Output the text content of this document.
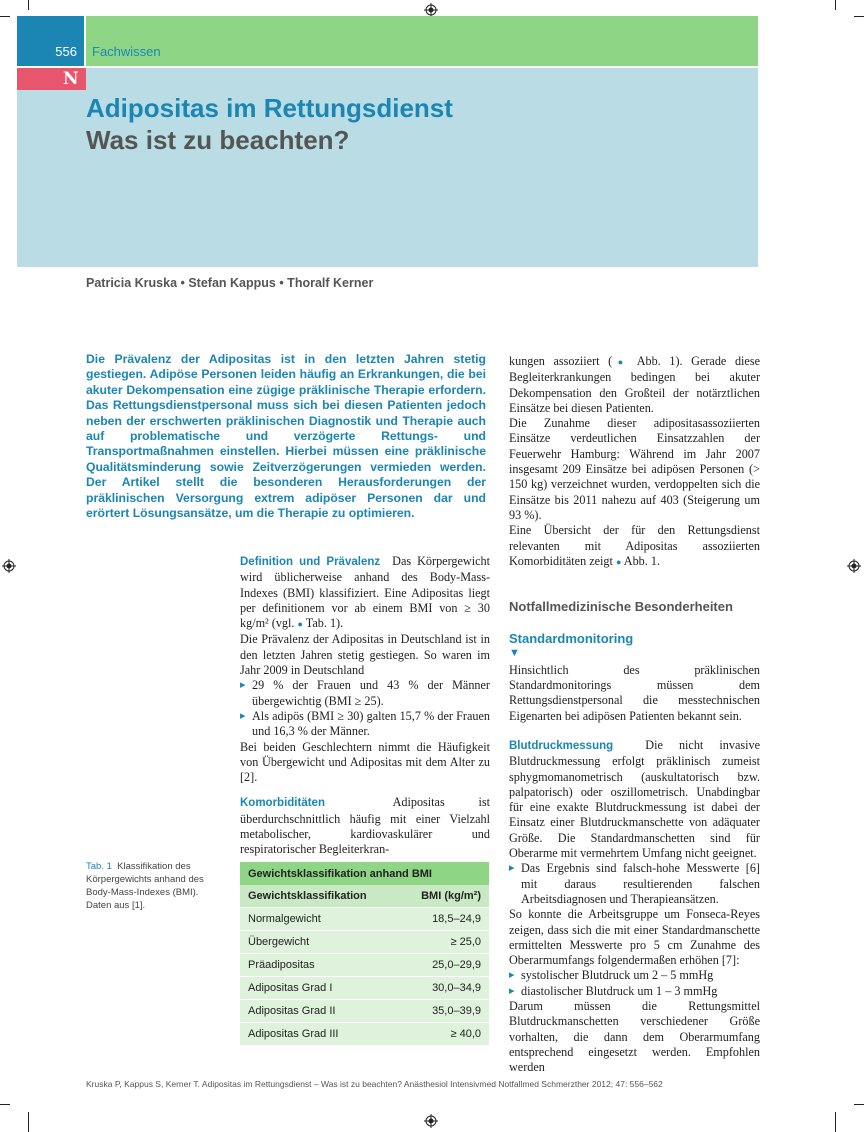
556 Fachwissen
N
Adipositas im Rettungsdienst
Was ist zu beachten?
Patricia Kruska • Stefan Kappus • Thoralf Kerner
Die Prävalenz der Adipositas ist in den letzten Jahren stetig gestiegen. Adipöse Personen leiden häufig an Erkrankungen, die bei akuter Dekompensation eine zügige präklinische Therapie erfordern. Das Rettungsdienstpersonal muss sich bei diesen Patienten jedoch neben der erschwerten präklinischen Diagnostik und Therapie auch auf problematische und verzögerte Rettungs- und Transportmaßnahmen einstellen. Hierbei müssen eine präklinische Qualitätsminderung sowie Zeitverzögerungen vermieden werden. Der Artikel stellt die besonderen Herausforderungen der präklinischen Versorgung extrem adipöser Personen dar und erörtert Lösungsansätze, um die Therapie zu optimieren.

Definition und Prävalenz Das Körpergewicht wird üblicherweise anhand des Body-Mass-Indexes (BMI) klassifiziert. Eine Adipositas liegt per definitionem vor ab einem BMI von ≥ 30 kg/m² (vgl. ● Tab. 1).

Die Prävalenz der Adipositas in Deutschland ist in den letzten Jahren stetig gestiegen. So waren im Jahr 2009 in Deutschland

▸ 29 % der Frauen und 43 % der Männer übergewichtig (BMI ≥ 25).
▸ Als adipös (BMI ≥ 30) galten 15,7 % der Frauen und 16,3 % der Männer.

Bei beiden Geschlechtern nimmt die Häufigkeit von Übergewicht und Adipositas mit dem Alter zu [2].

Komorbiditäten	Adipositas ist überdurchschnittlich häufig mit einer Vielzahl metabolischer, kardiovaskulärer und respiratorischer Begleiterkran-

Tab. 1 Klassifikation des Körpergewichts anhand des Body-Mass-Indexes (BMI). Daten aus [1].
Gewichtsklassifikation anhand BMI	
Gewichtsklassifikation	BMI (kg/m²)
Normalgewicht	18,5–24,9
Übergewicht	≥ 25,0
Präadipositas	25,0–29,9
Adipositas Grad I	30,0–34,9
Adipositas Grad II	35,0–39,9
Adipositas Grad III	≥ 40,0

kungen assoziiert (● Abb. 1). Gerade diese Begleiterkrankungen bedingen bei akuter Dekompensation den Großteil der notärztlichen Einsätze bei diesen Patienten.

Die Zunahme dieser adipositasassoziierten Einsätze verdeutlichen Einsatzzahlen der Feuerwehr Hamburg: Während im Jahr 2007 insgesamt 209 Einsätze bei adipösen Personen (> 150 kg) verzeichnet wurden, verdoppelten sich die Einsätze bis 2011 nahezu auf 403 (Steigerung um 93 %).

Eine Übersicht der für den Rettungsdienst relevanten mit Adipositas assoziierten Komorbiditäten zeigt ● Abb. 1.

Notfallmedizinische Besonderheiten

Standardmonitoring

▼

Hinsichtlich des präklinischen Standardmonitorings müssen dem Rettungsdienstpersonal die messtechnischen Eigenarten bei adipösen Patienten bekannt sein.

Blutdruckmessung	Die nicht invasive Blutdruckmessung erfolgt präklinisch zumeist sphygmomanometrisch (auskultatorisch bzw. palpatorisch) oder oszillometrisch. Unabdingbar für eine exakte Blutdruckmessung ist dabei der Einsatz einer Blutdruckmanschette von adäquater Größe. Die Standardmanschetten sind für Oberarme mit vermehrtem Umfang nicht geeignet.

▸ Das Ergebnis sind falsch-hohe Messwerte [6] mit daraus resultierenden falschen Arbeitsdiagnosen und Therapieansätzen.

So konnte die Arbeitsgruppe um Fonseca-Reyes zeigen, dass sich die mit einer Standardmanschette ermittelten Messwerte pro 5 cm Zunahme des Oberarmumfangs folgendermaßen erhöhen [7]:

▸ systolischer Blutdruck um 2 – 5 mmHg
▸ diastolischer Blutdruck um 1 – 3 mmHg

Darum müssen die Rettungsmittel Blutdruckmanschetten verschiedener Größe vorhalten, die dann dem Oberarmumfang entsprechend eingesetzt werden. Empfohlen werden

Kruska P, Kappus S, Kerner T. Adipositas im Rettungsdienst – Was ist zu beachten? Anästhesiol Intensivmed Notfallmed Schmerzther 2012; 47: 556–562
